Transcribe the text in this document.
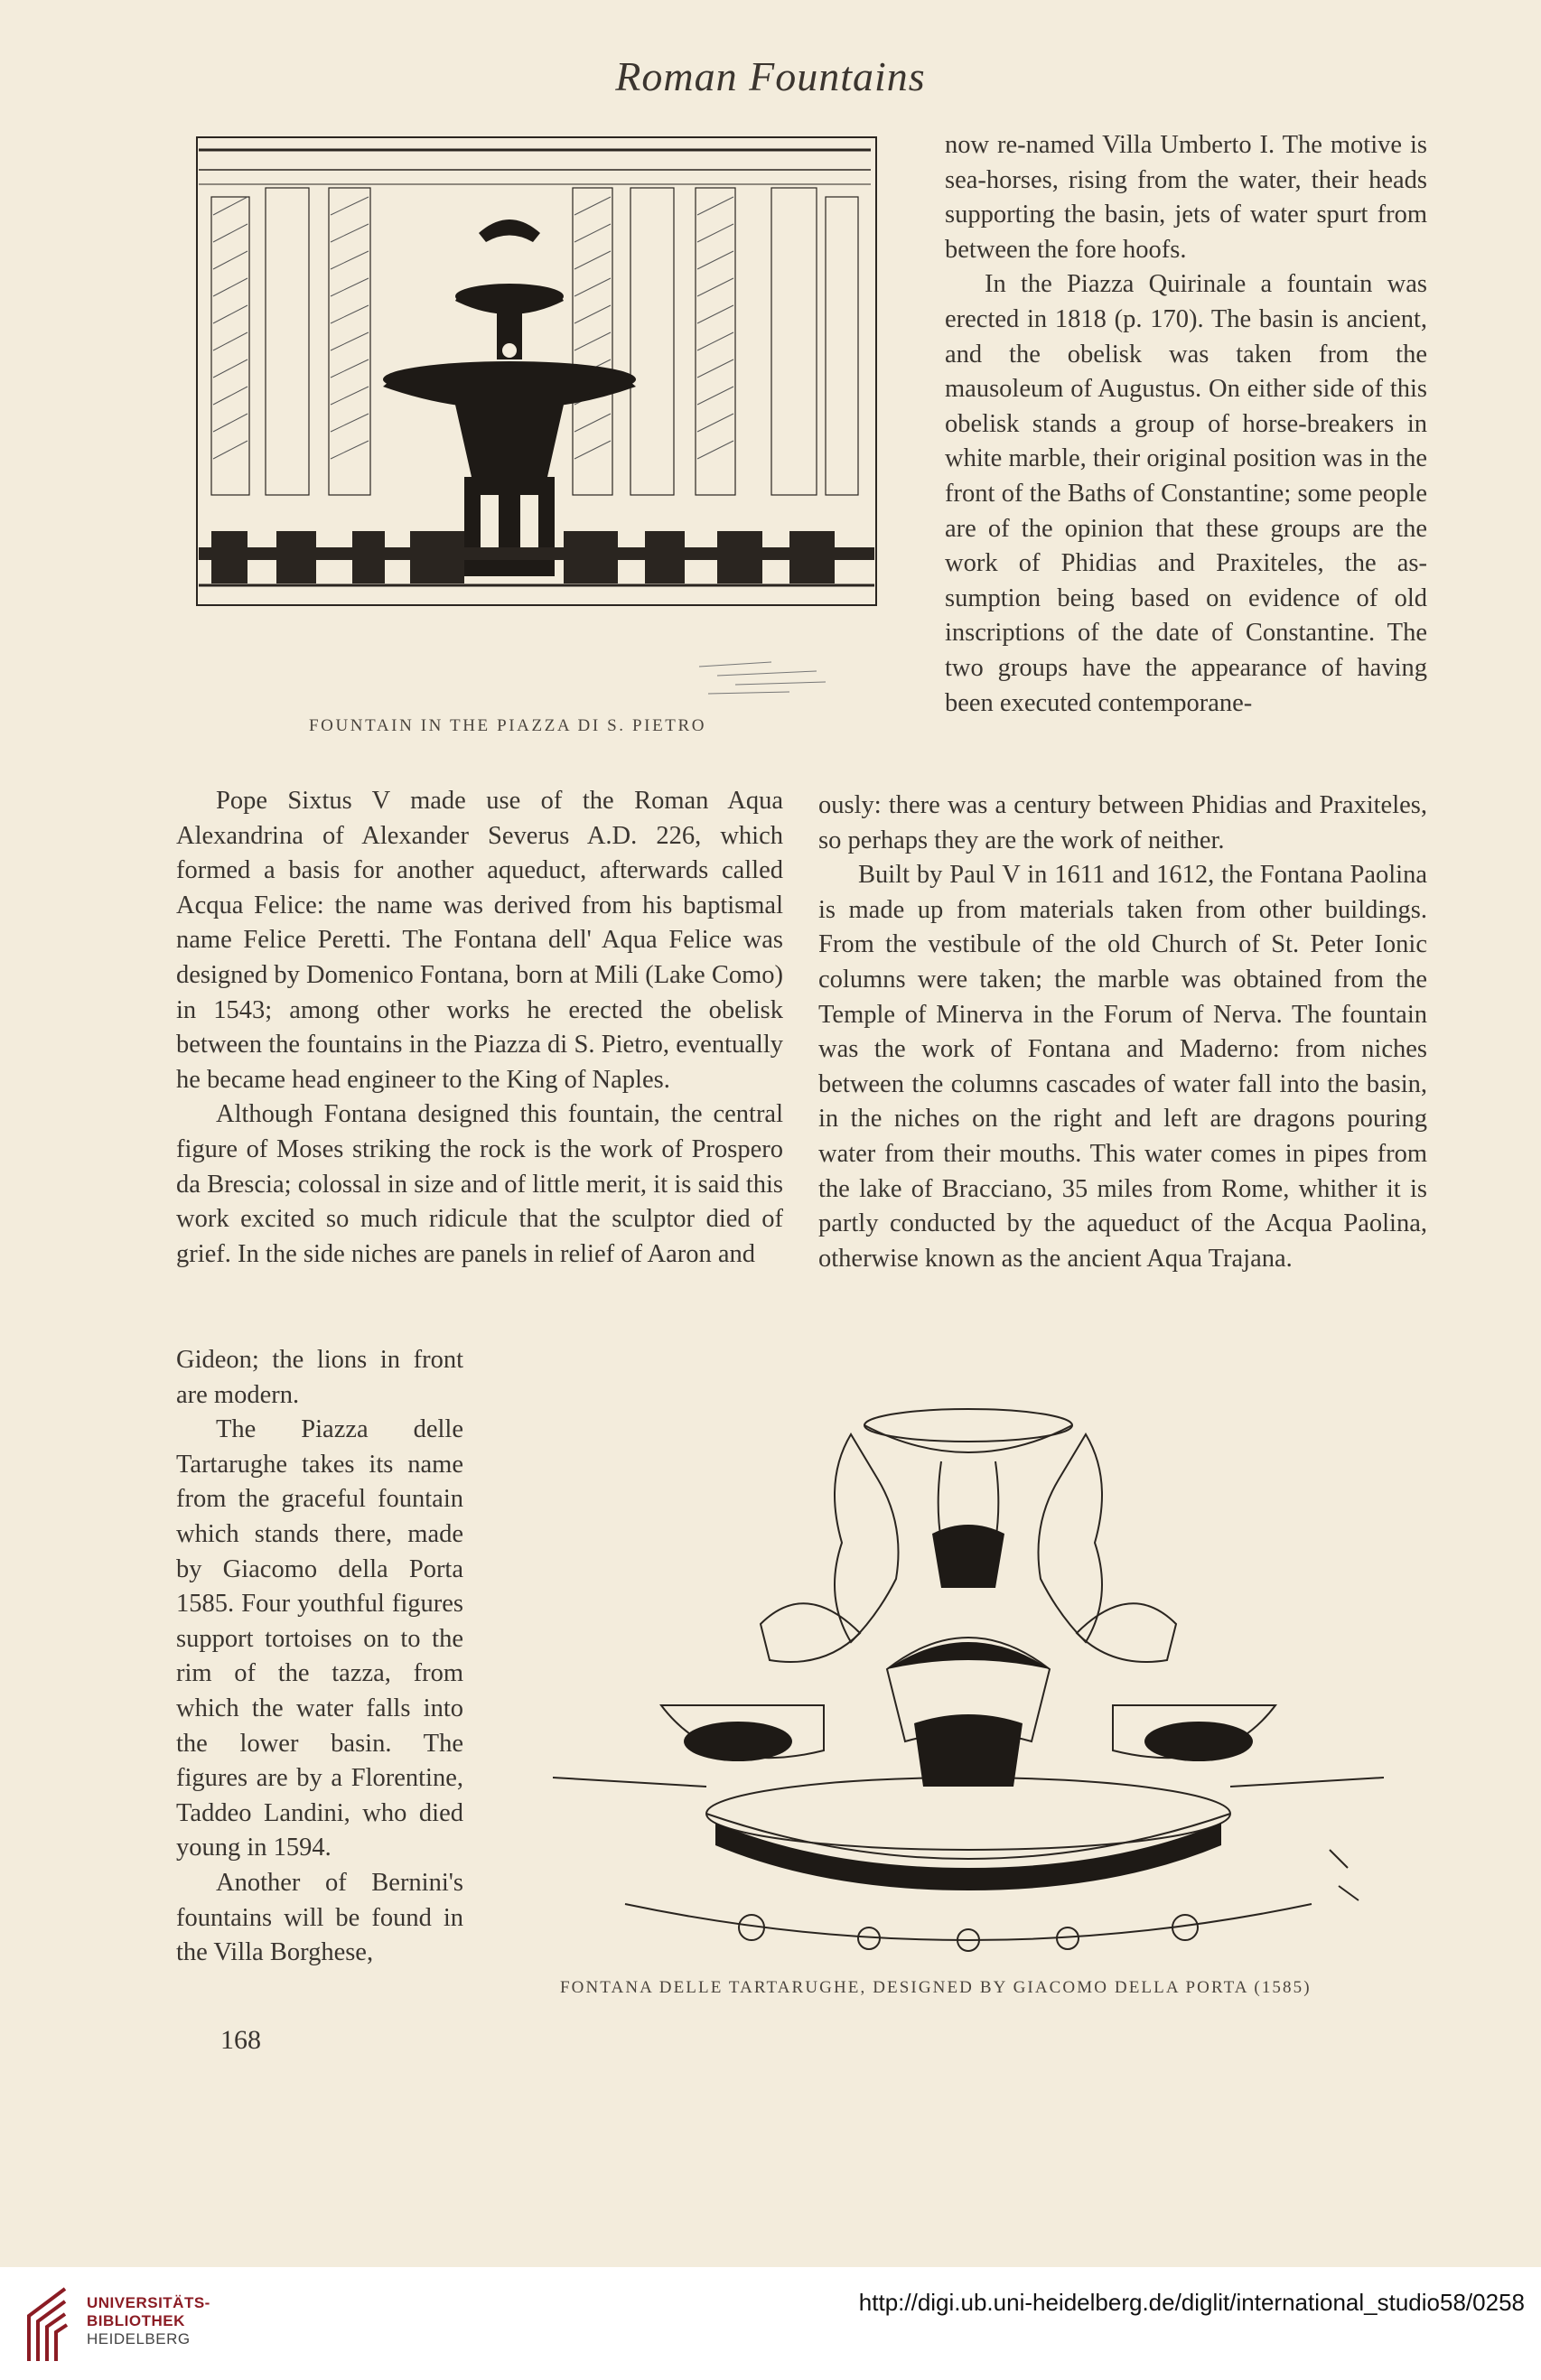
Roman Fountains
FOUNTAIN IN THE PIAZZA DI S. PIETRO

now re-named Villa Umberto I. The motive is sea-horses, rising from the water, their heads supporting the basin, jets of water spurt from between the fore hoofs.

In the Piazza Quirinale a fountain was erected in 1818 (p. 170). The basin is ancient, and the obelisk was taken from the mausoleum of Augustus. On either side of this obelisk stands a group of horse-breakers in white marble, their original position was in the front of the Baths of Constantine; some people are of the opinion that these groups are the work of Phidias and Praxiteles, the as- sumption being based on evidence of old inscriptions of the date of Constantine. The two groups have the appearance of having been executed contemporane-

Pope Sixtus V made use of the Roman Aqua Alexandrina of Alexander Severus A.D. 226, which formed a basis for another aqueduct, afterwards called Acqua Felice: the name was derived from his baptismal name Felice Peretti. The Fontana dell' Aqua Felice was designed by Domenico Fontana, born at Mili (Lake Como) in 1543; among other works he erected the obelisk between the fountains in the Piazza di S. Pietro, eventually he became head engineer to the King of Naples.

Although Fontana designed this fountain, the central figure of Moses striking the rock is the work of Prospero da Brescia; colossal in size and of little merit, it is said this work excited so much ridicule that the sculptor died of grief. In the side niches are panels in relief of Aaron and

ously: there was a century between Phidias and Praxiteles, so perhaps they are the work of neither.

Built by Paul V in 1611 and 1612, the Fontana Paolina is made up from materials taken from other buildings. From the vestibule of the old Church of St. Peter Ionic columns were taken; the marble was obtained from the Temple of Minerva in the Forum of Nerva. The fountain was the work of Fontana and Maderno: from niches between the columns cascades of water fall into the basin, in the niches on the right and left are dragons pouring water from their mouths. This water comes in pipes from the lake of Bracciano, 35 miles from Rome, whither it is partly conducted by the aqueduct of the Acqua Paolina, otherwise known as the ancient Aqua Trajana.

Gideon; the lions in front are modern.

The Piazza delle Tartarughe takes its name from the graceful fountain which stands there, made by Giacomo della Porta 1585. Four youthful figures support tortoises on to the rim of the tazza, from which the water falls into the lower basin. The figures are by a Florentine, Taddeo Landini, who died young in 1594.

Another of Bernini's fountains will be found in the Villa Borghese,

FONTANA DELLE TARTARUGHE, DESIGNED BY GIACOMO DELLA PORTA (1585)
168
UNIVERSITÄTS-
BIBLIOTHEK
HEIDELBERG
http://digi.ub.uni-heidelberg.de/diglit/international_studio58/0258
